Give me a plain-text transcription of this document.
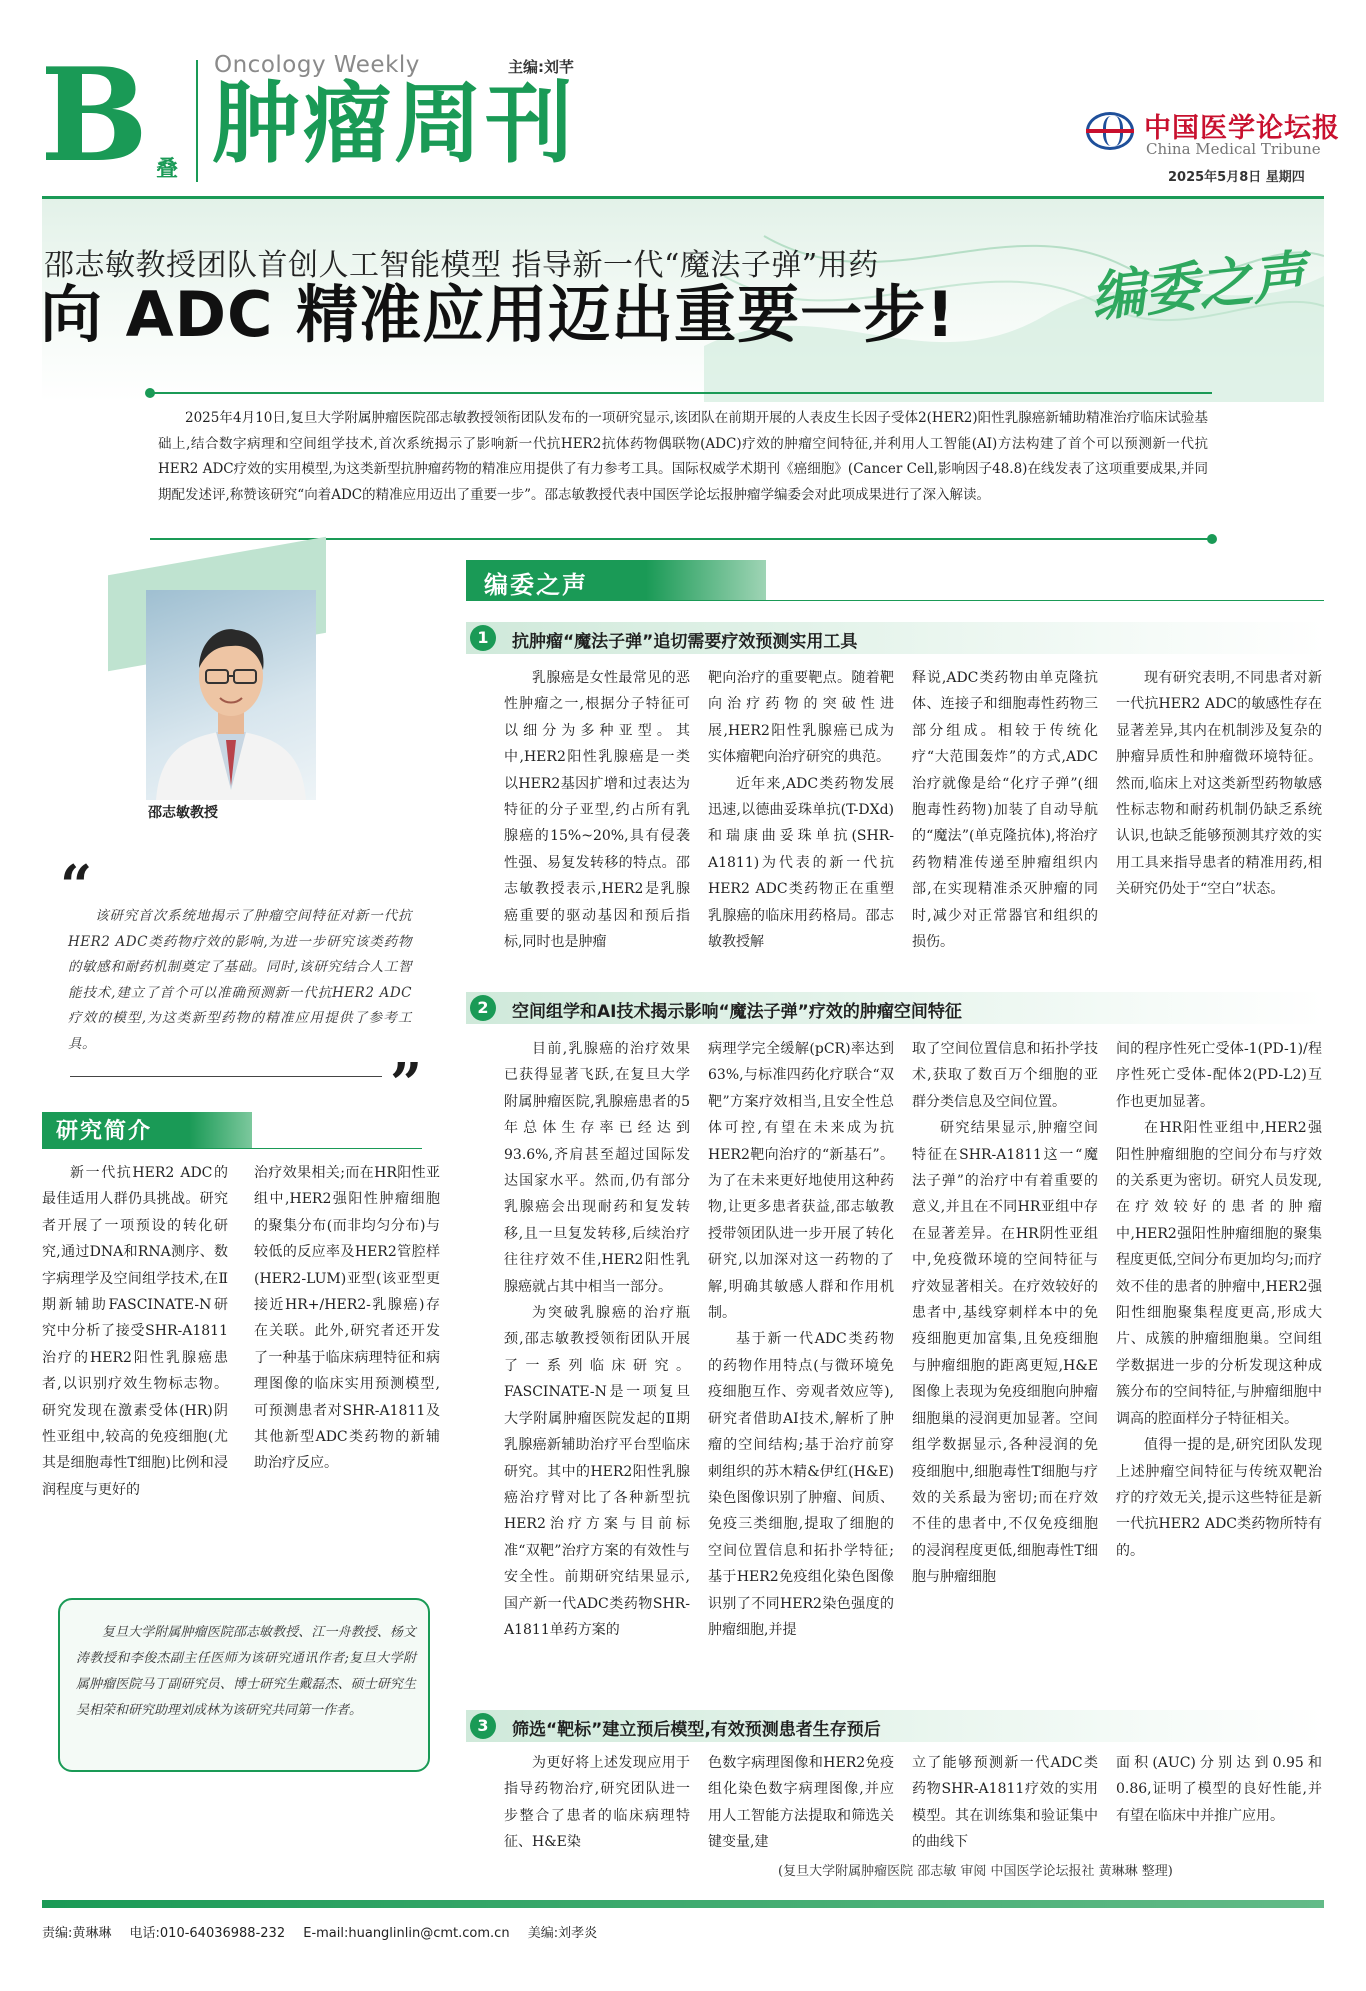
B 叠
Oncology Weekly
肿瘤周刊
主编:刘芊
中国医学论坛报
China Medical Tribune
2025年5月8日 星期四
邵志敏教授团队首创人工智能模型 指导新一代“魔法子弹”用药
向 ADC 精准应用迈出重要一步! 编委之声

2025年4月10日,复旦大学附属肿瘤医院邵志敏教授领衔团队发布的一项研究显示,该团队在前期开展的人表皮生长因子受体2(HER2)阳性乳腺癌新辅助精准治疗临床试验基础上,结合数字病理和空间组学技术,首次系统揭示了影响新一代抗HER2抗体药物偶联物(ADC)疗效的肿瘤空间特征,并利用人工智能(AI)方法构建了首个可以预测新一代抗HER2 ADC疗效的实用模型,为这类新型抗肿瘤药物的精准应用提供了有力参考工具。国际权威学术期刊《癌细胞》(Cancer Cell,影响因子48.8)在线发表了这项重要成果,并同期配发述评,称赞该研究“向着ADC的精准应用迈出了重要一步”。邵志敏教授代表中国医学论坛报肿瘤学编委会对此项成果进行了深入解读。

邵志敏教授
“ 该研究首次系统地揭示了肿瘤空间特征对新一代抗HER2 ADC类药物疗效的影响,为进一步研究该类药物的敏感和耐药机制奠定了基础。同时,该研究结合人工智能技术,建立了首个可以准确预测新一代抗HER2 ADC疗效的模型,为这类新型药物的精准应用提供了参考工具。

”
研究简介

新一代抗HER2 ADC的最佳适用人群仍具挑战。研究者开展了一项预设的转化研究,通过DNA和RNA测序、数字病理学及空间组学技术,在Ⅱ期新辅助FASCINATE-N研究中分析了接受SHR-A1811治疗的HER2阳性乳腺癌患者,以识别疗效生物标志物。研究发现在激素受体(HR)阴性亚组中,较高的免疫细胞(尤其是细胞毒性T细胞)比例和浸润程度与更好的

治疗效果相关;而在HR阳性亚组中,HER2强阳性肿瘤细胞的聚集分布(而非均匀分布)与较低的反应率及HER2管腔样(HER2-LUM)亚型(该亚型更接近HR+/HER2-乳腺癌)存在关联。此外,研究者还开发了一种基于临床病理特征和病理图像的临床实用预测模型,可预测患者对SHR-A1811及其他新型ADC类药物的新辅助治疗反应。

复旦大学附属肿瘤医院邵志敏教授、江一舟教授、杨文涛教授和李俊杰副主任医师为该研究通讯作者;复旦大学附属肿瘤医院马丁副研究员、博士研究生戴磊杰、硕士研究生吴相荣和研究助理刘成林为该研究共同第一作者。

编委之声
1	抗肿瘤“魔法子弹”追切需要疗效预测实用工具

乳腺癌是女性最常见的恶性肿瘤之一,根据分子特征可以细分为多种亚型。其中,HER2阳性乳腺癌是一类以HER2基因扩增和过表达为特征的分子亚型,约占所有乳腺癌的15%~20%,具有侵袭性强、易复发转移的特点。邵志敏教授表示,HER2是乳腺癌重要的驱动基因和预后指标,同时也是肿瘤

靶向治疗的重要靶点。随着靶向治疗药物的突破性进展,HER2阳性乳腺癌已成为实体瘤靶向治疗研究的典范。

近年来,ADC类药物发展迅速,以德曲妥珠单抗(T-DXd)和瑞康曲妥珠单抗(SHR-A1811)为代表的新一代抗HER2 ADC类药物正在重塑乳腺癌的临床用药格局。邵志敏教授解

释说,ADC类药物由单克隆抗体、连接子和细胞毒性药物三部分组成。相较于传统化疗“大范围轰炸”的方式,ADC治疗就像是给“化疗子弹”(细胞毒性药物)加装了自动导航的“魔法”(单克隆抗体),将治疗药物精准传递至肿瘤组织内部,在实现精准杀灭肿瘤的同时,减少对正常器官和组织的损伤。

现有研究表明,不同患者对新一代抗HER2 ADC的敏感性存在显著差异,其内在机制涉及复杂的肿瘤异质性和肿瘤微环境特征。然而,临床上对这类新型药物敏感性标志物和耐药机制仍缺乏系统认识,也缺乏能够预测其疗效的实用工具来指导患者的精准用药,相关研究仍处于“空白”状态。

2	空间组学和AI技术揭示影响“魔法子弹”疗效的肿瘤空间特征

目前,乳腺癌的治疗效果已获得显著飞跃,在复旦大学附属肿瘤医院,乳腺癌患者的5年总体生存率已经达到93.6%,齐肩甚至超过国际发达国家水平。然而,仍有部分乳腺癌会出现耐药和复发转移,且一旦复发转移,后续治疗往往疗效不佳,HER2阳性乳腺癌就占其中相当一部分。

为突破乳腺癌的治疗瓶颈,邵志敏教授领衔团队开展了一系列临床研究。FASCINATE-N是一项复旦大学附属肿瘤医院发起的Ⅱ期乳腺癌新辅助治疗平台型临床研究。其中的HER2阳性乳腺癌治疗臂对比了各种新型抗HER2治疗方案与目前标准“双靶”治疗方案的有效性与安全性。前期研究结果显示,国产新一代ADC类药物SHR-A1811单药方案的

病理学完全缓解(pCR)率达到63%,与标准四药化疗联合“双靶”方案疗效相当,且安全性总体可控,有望在未来成为抗HER2靶向治疗的“新基石”。为了在未来更好地使用这种药物,让更多患者获益,邵志敏教授带领团队进一步开展了转化研究,以加深对这一药物的了解,明确其敏感人群和作用机制。

基于新一代ADC类药物的药物作用特点(与微环境免疫细胞互作、旁观者效应等),研究者借助AI技术,解析了肿瘤的空间结构;基于治疗前穿刺组织的苏木精&伊红(H&E)染色图像识别了肿瘤、间质、免疫三类细胞,提取了细胞的空间位置信息和拓扑学特征;基于HER2免疫组化染色图像识别了不同HER2染色强度的肿瘤细胞,并提

取了空间位置信息和拓扑学技术,获取了数百万个细胞的亚群分类信息及空间位置。

研究结果显示,肿瘤空间特征在SHR-A1811这一“魔法子弹”的治疗中有着重要的意义,并且在不同HR亚组中存在显著差异。在HR阴性亚组中,免疫微环境的空间特征与疗效显著相关。在疗效较好的患者中,基线穿刺样本中的免疫细胞更加富集,且免疫细胞与肿瘤细胞的距离更短,H&E图像上表现为免疫细胞向肿瘤细胞巢的浸润更加显著。空间组学数据显示,各种浸润的免疫细胞中,细胞毒性T细胞与疗效的关系最为密切;而在疗效不佳的患者中,不仅免疫细胞的浸润程度更低,细胞毒性T细胞与肿瘤细胞

间的程序性死亡受体-1(PD-1)/程序性死亡受体-配体2(PD-L2)互作也更加显著。

在HR阳性亚组中,HER2强阳性肿瘤细胞的空间分布与疗效的关系更为密切。研究人员发现,在疗效较好的患者的肿瘤中,HER2强阳性肿瘤细胞的聚集程度更低,空间分布更加均匀;而疗效不佳的患者的肿瘤中,HER2强阳性细胞聚集程度更高,形成大片、成簇的肿瘤细胞巢。空间组学数据进一步的分析发现这种成簇分布的空间特征,与肿瘤细胞中调高的腔面样分子特征相关。

值得一提的是,研究团队发现上述肿瘤空间特征与传统双靶治疗的疗效无关,提示这些特征是新一代抗HER2 ADC类药物所特有的。

3	筛选“靶标”建立预后模型,有效预测患者生存预后

为更好将上述发现应用于指导药物治疗,研究团队进一步整合了患者的临床病理特征、H&E染

色数字病理图像和HER2免疫组化染色数字病理图像,并应用人工智能方法提取和筛选关键变量,建

立了能够预测新一代ADC类药物SHR-A1811疗效的实用模型。其在训练集和验证集中的曲线下

面积(AUC)分别达到0.95和0.86,证明了模型的良好性能,并有望在临床中并推广应用。

(复旦大学附属肿瘤医院 邵志敏 审阅 中国医学论坛报社 黄琳琳 整理)
责编:黄琳琳 电话:010-64036988-232 E-mail:huanglinlin@cmt.com.cn 美编:刘孝炎
